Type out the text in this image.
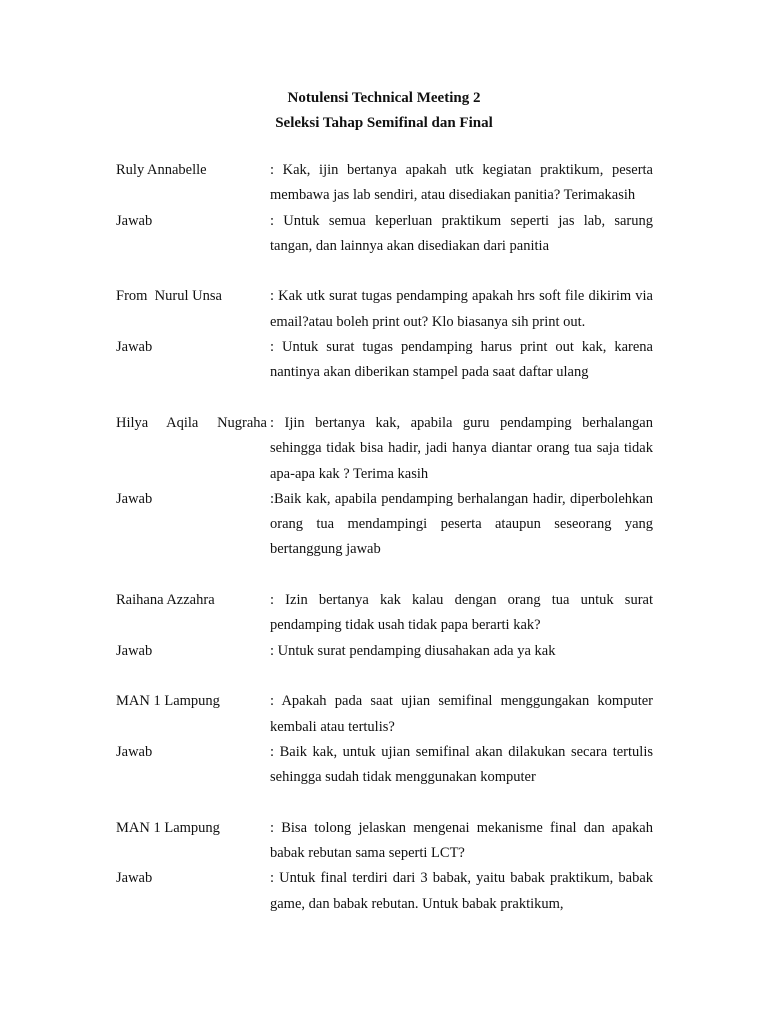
Notulensi Technical Meeting 2
Seleksi Tahap Semifinal dan Final
Ruly Annabelle	: Kak, ijin bertanya apakah utk kegiatan praktikum, peserta membawa jas lab sendiri, atau disediakan panitia? Terimakasih
Jawab	: Untuk semua keperluan praktikum seperti jas lab, sarung tangan, dan lainnya akan disediakan dari panitia
From  Nurul Unsa	: Kak utk surat tugas pendamping apakah hrs soft file dikirim via email?atau boleh print out? Klo biasanya sih print out.
Jawab	: Untuk surat tugas pendamping harus print out kak, karena nantinya akan diberikan stampel pada saat daftar ulang
Hilya Aqila Nugraha : Ijin bertanya kak, apabila guru pendamping berhalangan sehingga tidak bisa hadir, jadi hanya diantar orang tua saja tidak apa-apa kak ? Terima kasih
Jawab	:Baik kak, apabila pendamping berhalangan hadir, diperbolehkan orang tua mendampingi peserta ataupun seseorang yang bertanggung jawab
Raihana Azzahra	: Izin bertanya kak kalau dengan orang tua untuk surat pendamping tidak usah tidak papa berarti kak?
Jawab	: Untuk surat pendamping diusahakan ada ya kak
MAN 1 Lampung	: Apakah pada saat ujian semifinal menggungakan komputer kembali atau tertulis?
Jawab	: Baik kak, untuk ujian semifinal akan dilakukan secara tertulis sehingga sudah tidak menggunakan komputer
MAN 1 Lampung	: Bisa tolong jelaskan mengenai mekanisme final dan apakah babak rebutan sama seperti LCT?
Jawab	: Untuk final terdiri dari 3 babak, yaitu babak praktikum, babak game, dan babak rebutan. Untuk babak praktikum,
